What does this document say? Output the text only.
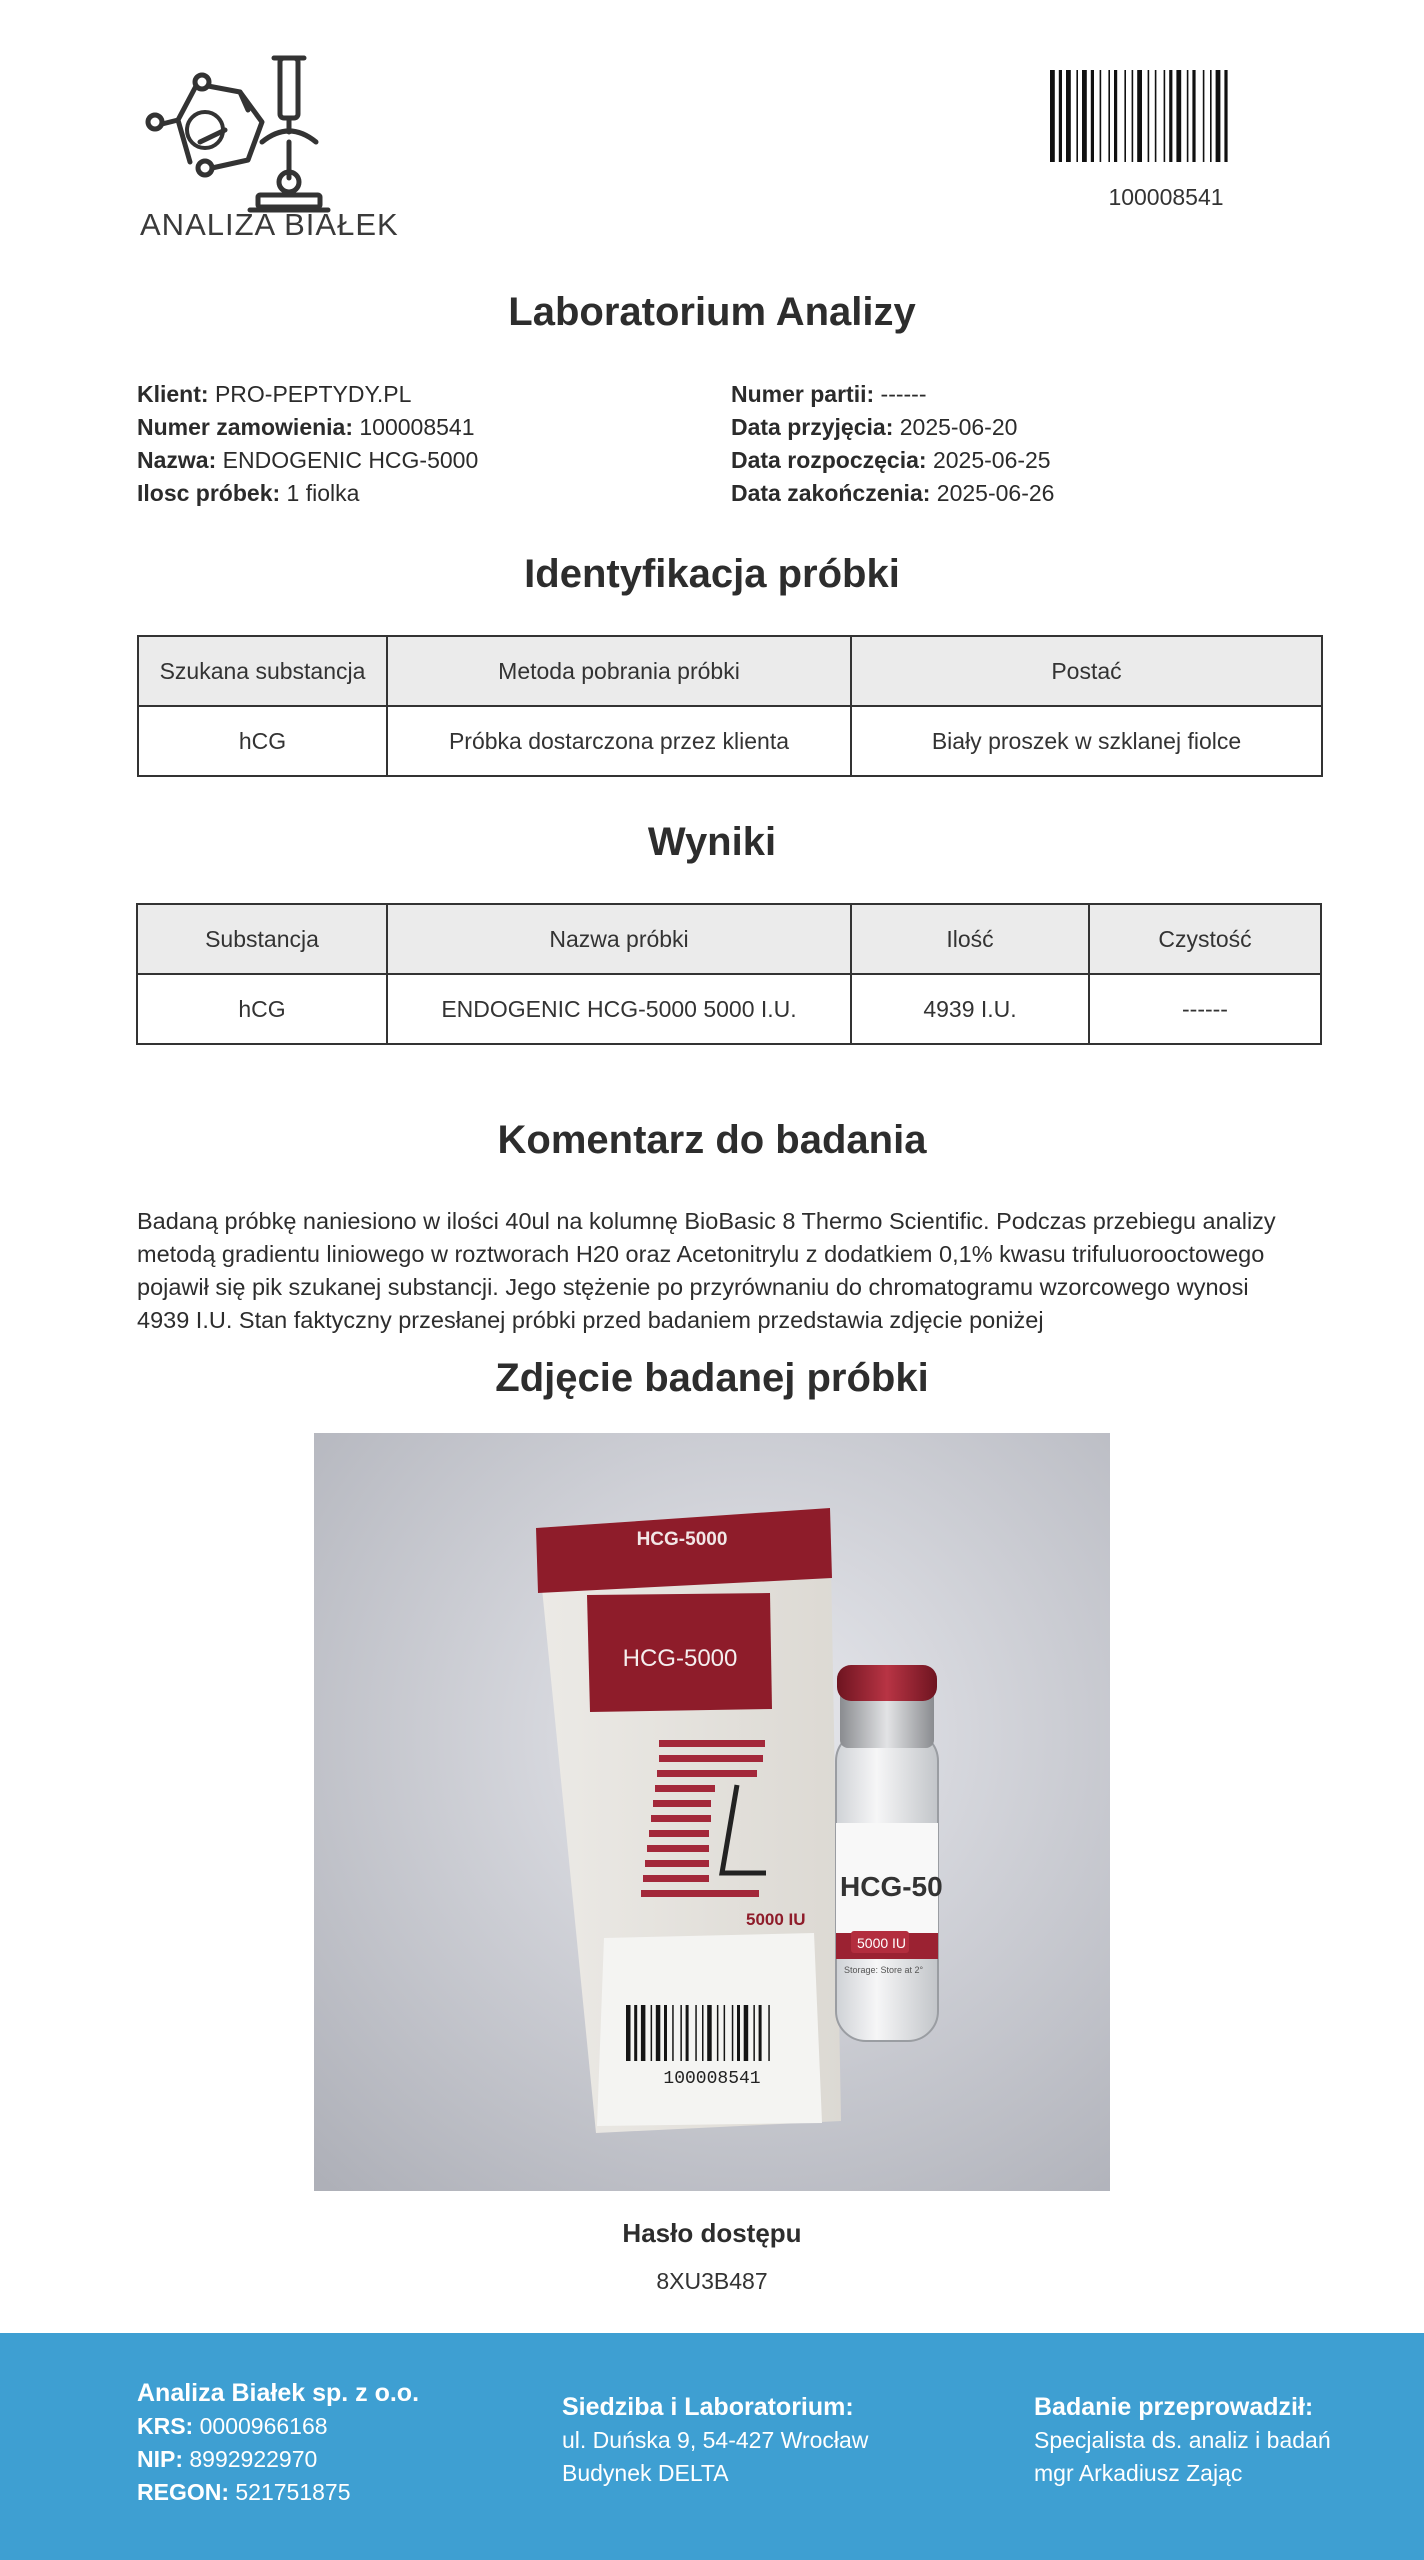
ANALIZA BIAŁEK
100008541
Laboratorium Analizy
Klient: PRO-PEPTYDY.PL
Numer zamowienia: 100008541
Nazwa: ENDOGENIC HCG-5000
Ilosc próbek: 1 fiolka
Numer partii: ------
Data przyjęcia: 2025-06-20
Data rozpoczęcia: 2025-06-25
Data zakończenia: 2025-06-26
Identyfikacja próbki
Szukana substancja	Metoda pobrania próbki	Postać
hCG	Próbka dostarczona przez klienta	Biały proszek w szklanej fiolce
Wyniki
Substancja	Nazwa próbki	Ilość	Czystość
hCG	ENDOGENIC HCG-5000 5000 I.U.	4939 I.U.	------
Komentarz do badania
Badaną próbkę naniesiono w ilości 40ul na kolumnę BioBasic 8 Thermo Scientific. Podczas przebiegu analizy metodą gradientu liniowego w roztworach H20 oraz Acetonitrylu z dodatkiem 0,1% kwasu trifuluorooctowego pojawił się pik szukanej substancji. Jego stężenie po przyrównaniu do chromatogramu wzorcowego wynosi 4939 I.U. Stan faktyczny przesłanej próbki przed badaniem przedstawia zdjęcie poniżej
Zdjęcie badanej próbki
HCG-5000
HCG-5000
5000 IU
100008541
HCG-50
5000 IU
Storage: Store at 2°
Hasło dostępu
8XU3B487
Analiza Białek sp. z o.o.
KRS: 0000966168
NIP: 8992922970
REGON: 521751875
Siedziba i Laboratorium:
ul. Duńska 9, 54-427 Wrocław
Budynek DELTA
Badanie przeprowadził:
Specjalista ds. analiz i badań
mgr Arkadiusz Zając
